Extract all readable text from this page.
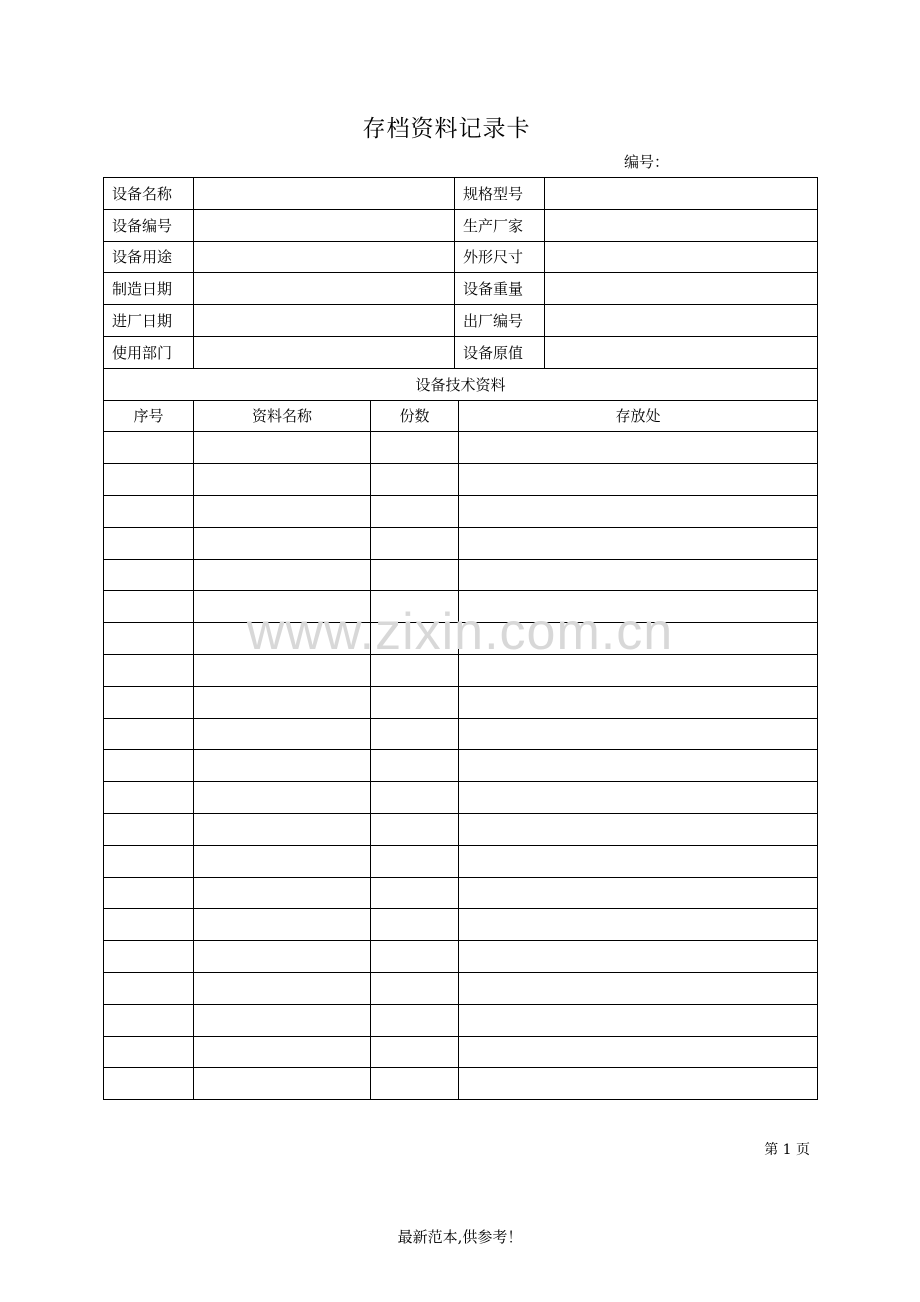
存档资料记录卡
编号：
设备名称			规格型号		
设备编号			生产厂家		
设备用途			外形尺寸		
制造日期			设备重量		
进厂日期			出厂编号		
使用部门			设备原值		
设备技术资料					
序号	资料名称	份数		存放处	

www.zixin.com.cn
第 1 页
最新范本,供参考！
